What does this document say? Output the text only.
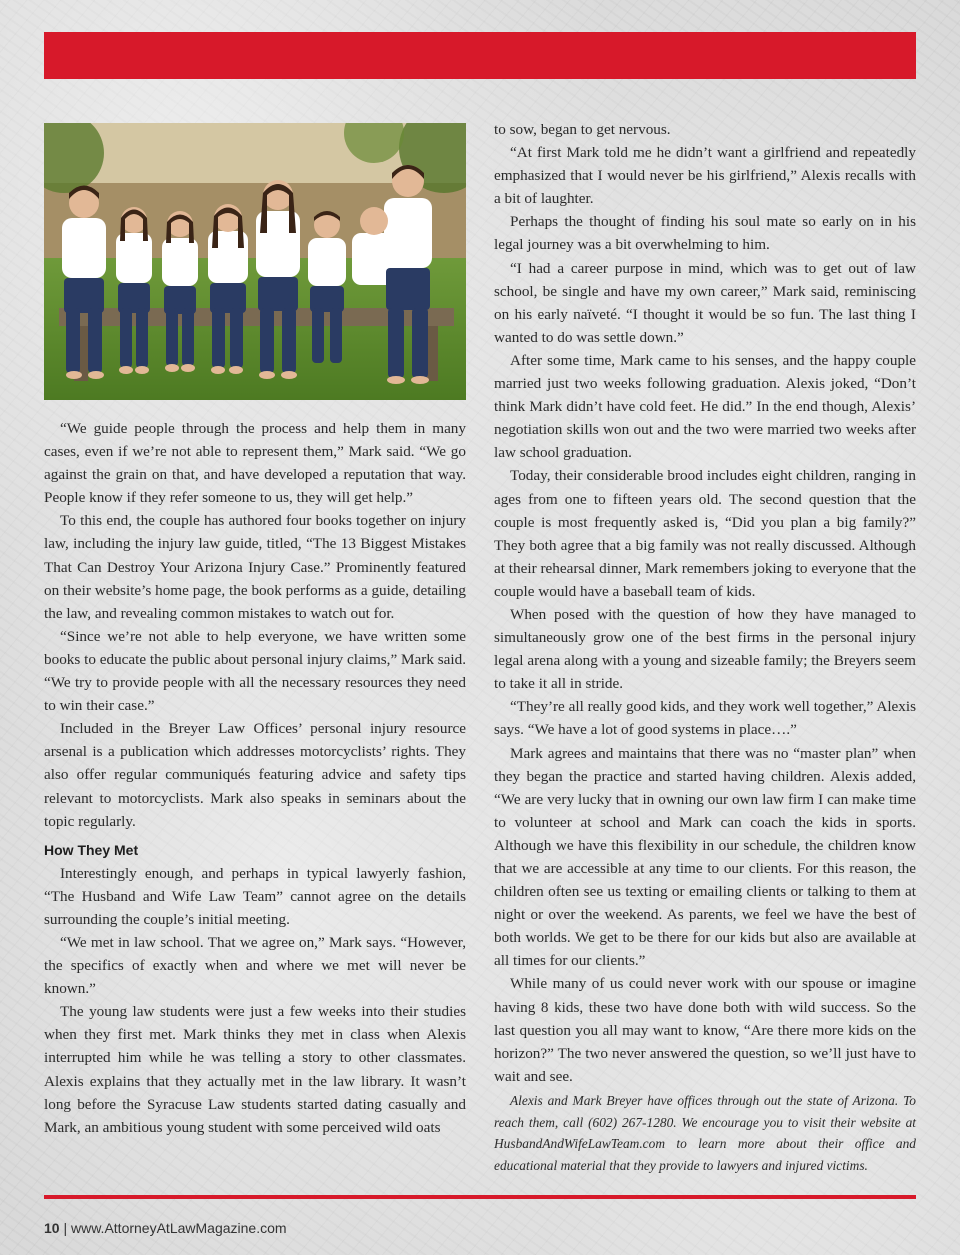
“We guide people through the process and help them in many cases, even if we’re not able to represent them,” Mark said. “We go against the grain on that, and have developed a reputation that way. People know if they refer someone to us, they will get help.”

To this end, the couple has authored four books together on injury law, including the injury law guide, titled, “The 13 Biggest Mistakes That Can Destroy Your Arizona Injury Case.” Prominently featured on their website’s home page, the book performs as a guide, detailing the law, and revealing common mistakes to watch out for.

“Since we’re not able to help everyone, we have written some books to educate the public about personal injury claims,” Mark said. “We try to provide people with all the necessary resources they need to win their case.”

Included in the Breyer Law Offices’ personal injury resource arsenal is a publication which addresses motorcyclists’ rights. They also offer regular communiqués featuring advice and safety tips relevant to motorcyclists. Mark also speaks in seminars about the topic regularly.

How They Met

Interestingly enough, and perhaps in typical lawyerly fashion, “The Husband and Wife Law Team” cannot agree on the details surrounding the couple’s initial meeting.

“We met in law school. That we agree on,” Mark says. “However, the specifics of exactly when and where we met will never be known.”

The young law students were just a few weeks into their studies when they first met. Mark thinks they met in class when Alexis interrupted him while he was telling a story to other classmates. Alexis explains that they actually met in the law library. It wasn’t long before the Syracuse Law students started dating casually and Mark, an ambitious young student with some perceived wild oats

to sow, began to get nervous.

“At first Mark told me he didn’t want a girlfriend and repeatedly emphasized that I would never be his girlfriend,” Alexis recalls with a bit of laughter.

Perhaps the thought of finding his soul mate so early on in his legal journey was a bit overwhelming to him.

“I had a career purpose in mind, which was to get out of law school, be single and have my own career,” Mark said, reminiscing on his early naïveté. “I thought it would be so fun. The last thing I wanted to do was settle down.”

After some time, Mark came to his senses, and the happy couple married just two weeks following graduation. Alexis joked, “Don’t think Mark didn’t have cold feet. He did.” In the end though, Alexis’ negotiation skills won out and the two were married two weeks after law school graduation.

Today, their considerable brood includes eight children, ranging in ages from one to fifteen years old. The second question that the couple is most frequently asked is, “Did you plan a big family?” They both agree that a big family was not really discussed. Although at their rehearsal dinner, Mark remembers joking to everyone that the couple would have a baseball team of kids.

When posed with the question of how they have managed to simultaneously grow one of the best firms in the personal injury legal arena along with a young and sizeable family; the Breyers seem to take it all in stride.

“They’re all really good kids, and they work well together,” Alexis says. “We have a lot of good systems in place….”

Mark agrees and maintains that there was no “master plan” when they began the practice and started having children. Alexis added, “We are very lucky that in owning our own law firm I can make time to volunteer at school and Mark can coach the kids in sports. Although we have this flexibility in our schedule, the children know that we are accessible at any time to our clients. For this reason, the children often see us texting or emailing clients or talking to them at night or over the weekend. As parents, we feel we have the best of both worlds. We get to be there for our kids but also are available at all times for our clients.”

While many of us could never work with our spouse or imagine having 8 kids, these two have done both with wild success. So the last question you all may want to know, “Are there more kids on the horizon?” The two never answered the question, so we’ll just have to wait and see.

Alexis and Mark Breyer have offices through out the state of Arizona. To reach them, call (602) 267-1280. We encourage you to visit their website at HusbandAndWifeLawTeam.com to learn more about their office and educational material that they provide to lawyers and injured victims.

10 | www.AttorneyAtLawMagazine.com
